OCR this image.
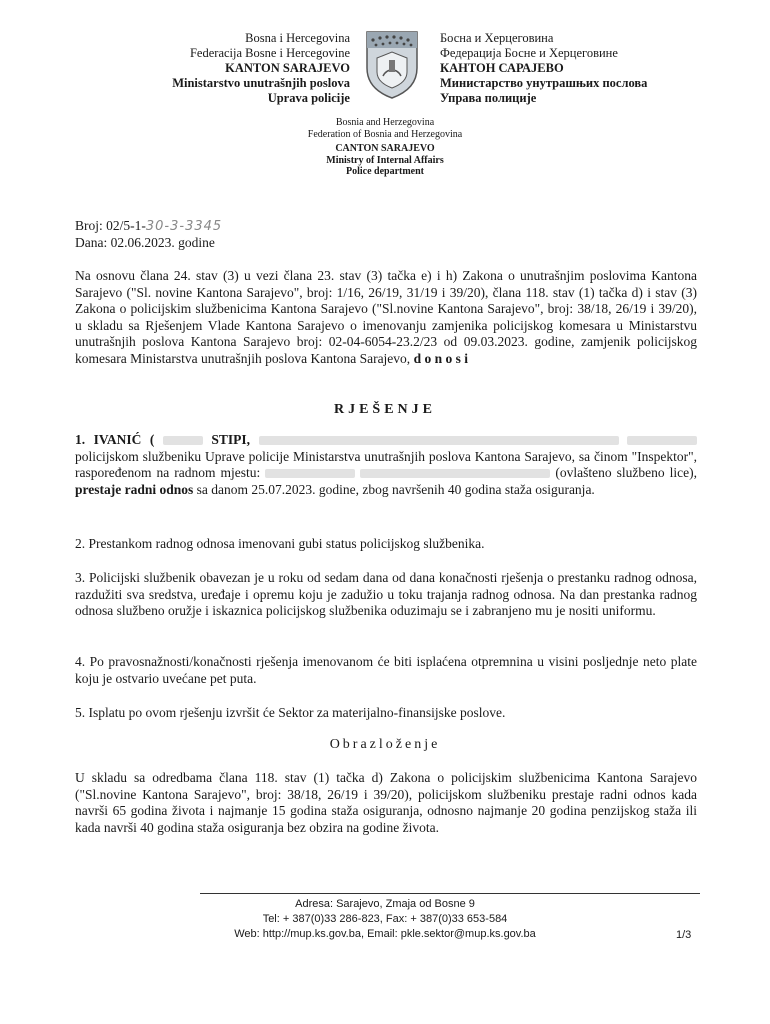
Bosna i Hercegovina
Federacija Bosne i Hercegovine
KANTON SARAJEVO
Ministarstvo unutrašnjih poslova
Uprava policije
Босна и Херцеговина
Федерација Босне и Херцеговине
КАНТОН САРАЈЕВО
Министарство унутрашњих послова
Управа полиције
Bosnia and Herzegovina
Federation of Bosnia and Herzegovina
CANTON SARAJEVO
Ministry of Internal Affairs
Police department
Broj: 02/5-1-30-3-3345
Dana: 02.06.2023. godine
Na osnovu člana 24. stav (3) u vezi člana 23. stav (3) tačka e) i h) Zakona o unutrašnjim poslovima Kantona Sarajevo ("Sl. novine Kantona Sarajevo", broj: 1/16, 26/19, 31/19 i 39/20), člana 118. stav (1) tačka d) i stav (3) Zakona o policijskim službenicima Kantona Sarajevo ("Sl.novine Kantona Sarajevo", broj: 38/18, 26/19 i 39/20), u skladu sa Rješenjem Vlade Kantona Sarajevo o imenovanju zamjenika policijskog komesara u Ministarstvu unutrašnjih poslova Kantona Sarajevo broj: 02-04-6054-23.2/23 od 09.03.2023. godine, zamjenik policijskog komesara Ministarstva unutrašnjih poslova Kantona Sarajevo, d o n o s i
RJEŠENJE
1. IVANIĆ (	STIPI,   policijskom službeniku Uprave policije Ministarstva unutrašnjih poslova Kantona Sarajevo, sa činom "Inspektor", raspoređenom na radnom mjestu:	(ovlašteno službeno lice), prestaje radni odnos sa danom 25.07.2023. godine, zbog navršenih 40 godina staža osiguranja.
2. Prestankom radnog odnosa imenovani gubi status policijskog službenika.
3. Policijski službenik obavezan je u roku od sedam dana od dana konačnosti rješenja o prestanku radnog odnosa, razdužiti sva sredstva, uređaje i opremu koju je zadužio u toku trajanja radnog odnosa. Na dan prestanka radnog odnosa službeno oružje i iskaznica policijskog službenika oduzimaju se i zabranjeno mu je nositi uniformu.
4. Po pravosnažnosti/konačnosti rješenja imenovanom će biti isplaćena otpremnina u visini posljednje neto plate koju je ostvario uvećane pet puta.
5. Isplatu po ovom rješenju izvršit će Sektor za materijalno-finansijske poslove.
Obrazloženje
U skladu sa odredbama člana 118. stav (1) tačka d) Zakona o policijskim službenicima Kantona Sarajevo ("Sl.novine Kantona Sarajevo", broj: 38/18, 26/19 i 39/20), policijskom službeniku prestaje radni odnos kada navrši 65 godina života i najmanje 15 godina staža osiguranja, odnosno najmanje 20 godina penzijskog staža ili kada navrši 40 godina staža osiguranja bez obzira na godine života.
Adresa: Sarajevo, Zmaja od Bosne 9
Tel: + 387(0)33 286-823, Fax: + 387(0)33 653-584
Web: http://mup.ks.gov.ba, Email: pkle.sektor@mup.ks.gov.ba	1/3
